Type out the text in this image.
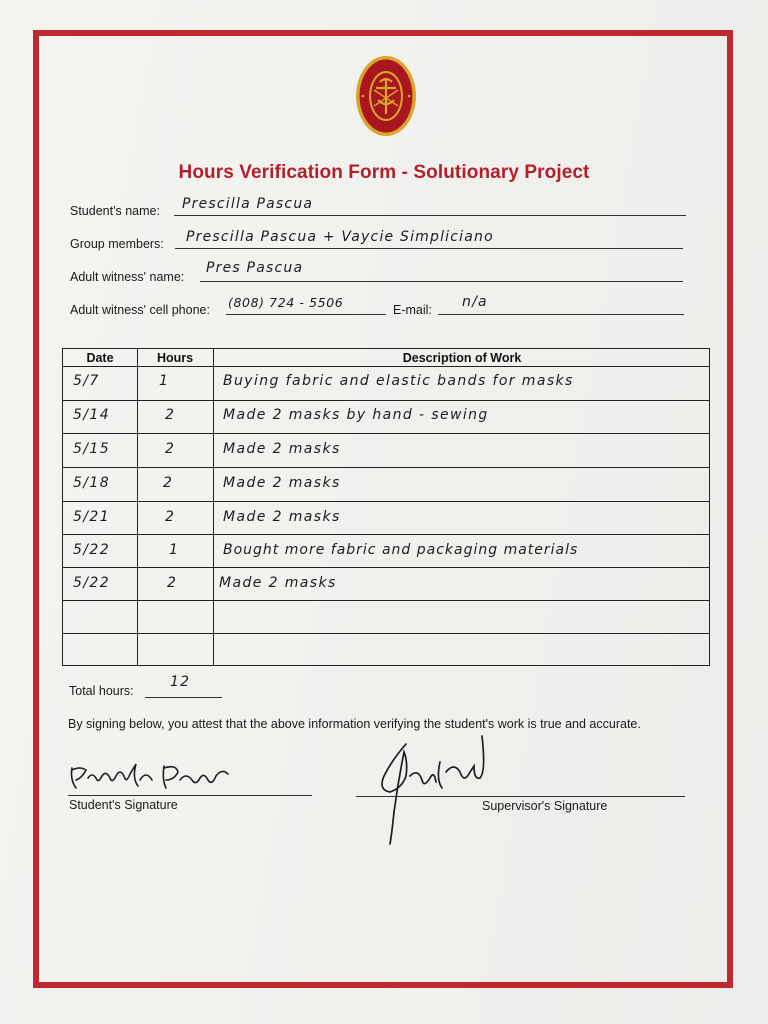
Hours Verification Form - Solutionary Project
Student's name: Prescilla Pascua
Group members: Prescilla Pascua + Vaycie Simpliciano
Adult witness' name:
Pres Pascua
Adult witness' cell phone: (808) 724 - 5506	E-mail: n/a
Date	Hours	Description of Work
5/7	1	Buying fabric and elastic bands for masks
5/14	2	Made 2 masks by hand - sewing
5/15	2	Made 2 masks
5/18	2	Made 2 masks
5/21	2	Made 2 masks
5/22	1	Bought more fabric and packaging materials
5/22	2	Made 2 masks
Total hours:
12
By signing below, you attest that the above information verifying the student's work is true and accurate.
Student's Signature	Supervisor's Signature
